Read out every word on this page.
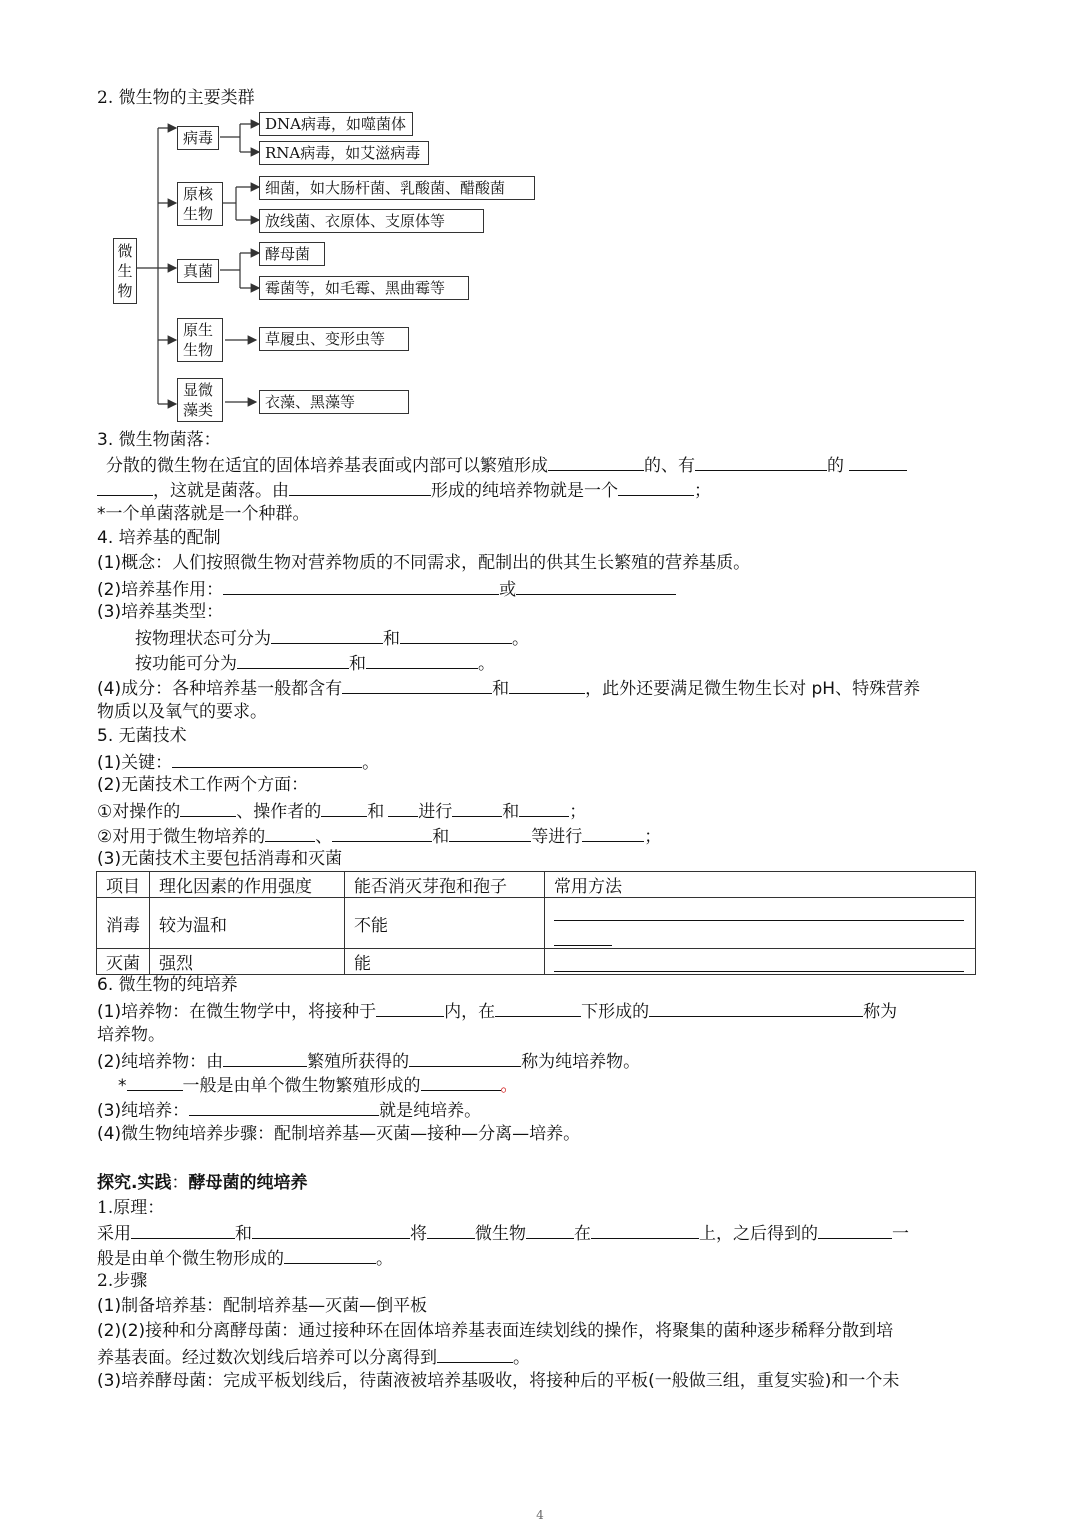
2. 微生物的主要类群
微
生
物
病毒
原核生物
真菌
原生生物
显微藻类
DNA病毒，如噬菌体
RNA病毒，如艾滋病毒
细菌，如大肠杆菌、乳酸菌、醋酸菌
放线菌、衣原体、支原体等
酵母菌
霉菌等，如毛霉、黑曲霉等
草履虫、变形虫等
衣藻、黑藻等
3. 微生物菌落：
分散的微生物在适宜的固体培养基表面或内部可以繁殖形成	的、有	的
，这就是菌落。由	形成的纯培养物就是一个	；
*一个单菌落就是一个种群。
4. 培养基的配制
(1)概念：人们按照微生物对营养物质的不同需求，配制出的供其生长繁殖的营养基质。
(2)培养基作用：	或
(3)培养基类型：
按物理状态可分为	和	。
按功能可分为	和	。
(4)成分：各种培养基一般都含有	和	，此外还要满足微生物生长对 pH、特殊营养
物质以及氧气的要求。
5. 无菌技术
(1)关键：	。
(2)无菌技术工作两个方面：
①对操作的	、操作者的	和 进行	和	；
②对用于微生物培养的	、	和	等进行	；
(3)无菌技术主要包括消毒和灭菌
项目	理化因素的作用强度	能否消灭芽孢和孢子	常用方法
消毒	较为温和	不能	

灭菌	强烈	能	
6. 微生物的纯培养
(1)培养物：在微生物学中，将接种于	内，在	下形成的	称为
培养物。
(2)纯培养物：由	繁殖所获得的	称为纯培养物。
*	一般是由单个微生物繁殖形成的	。
(3)纯培养：	就是纯培养。
(4)微生物纯培养步骤：配制培养基—灭菌—接种—分离—培养。
探究.实践：酵母菌的纯培养
1.原理：
采用	和	将	微生物	在	上，之后得到的	一
般是由单个微生物形成的	。
2.步骤
(1)制备培养基：配制培养基—灭菌—倒平板
(2)(2)接种和分离酵母菌：通过接种环在固体培养基表面连续划线的操作，将聚集的菌种逐步稀释分散到培
养基表面。经过数次划线后培养可以分离得到	。
(3)培养酵母菌：完成平板划线后，待菌液被培养基吸收，将接种后的平板(一般做三组，重复实验)和一个未
4
